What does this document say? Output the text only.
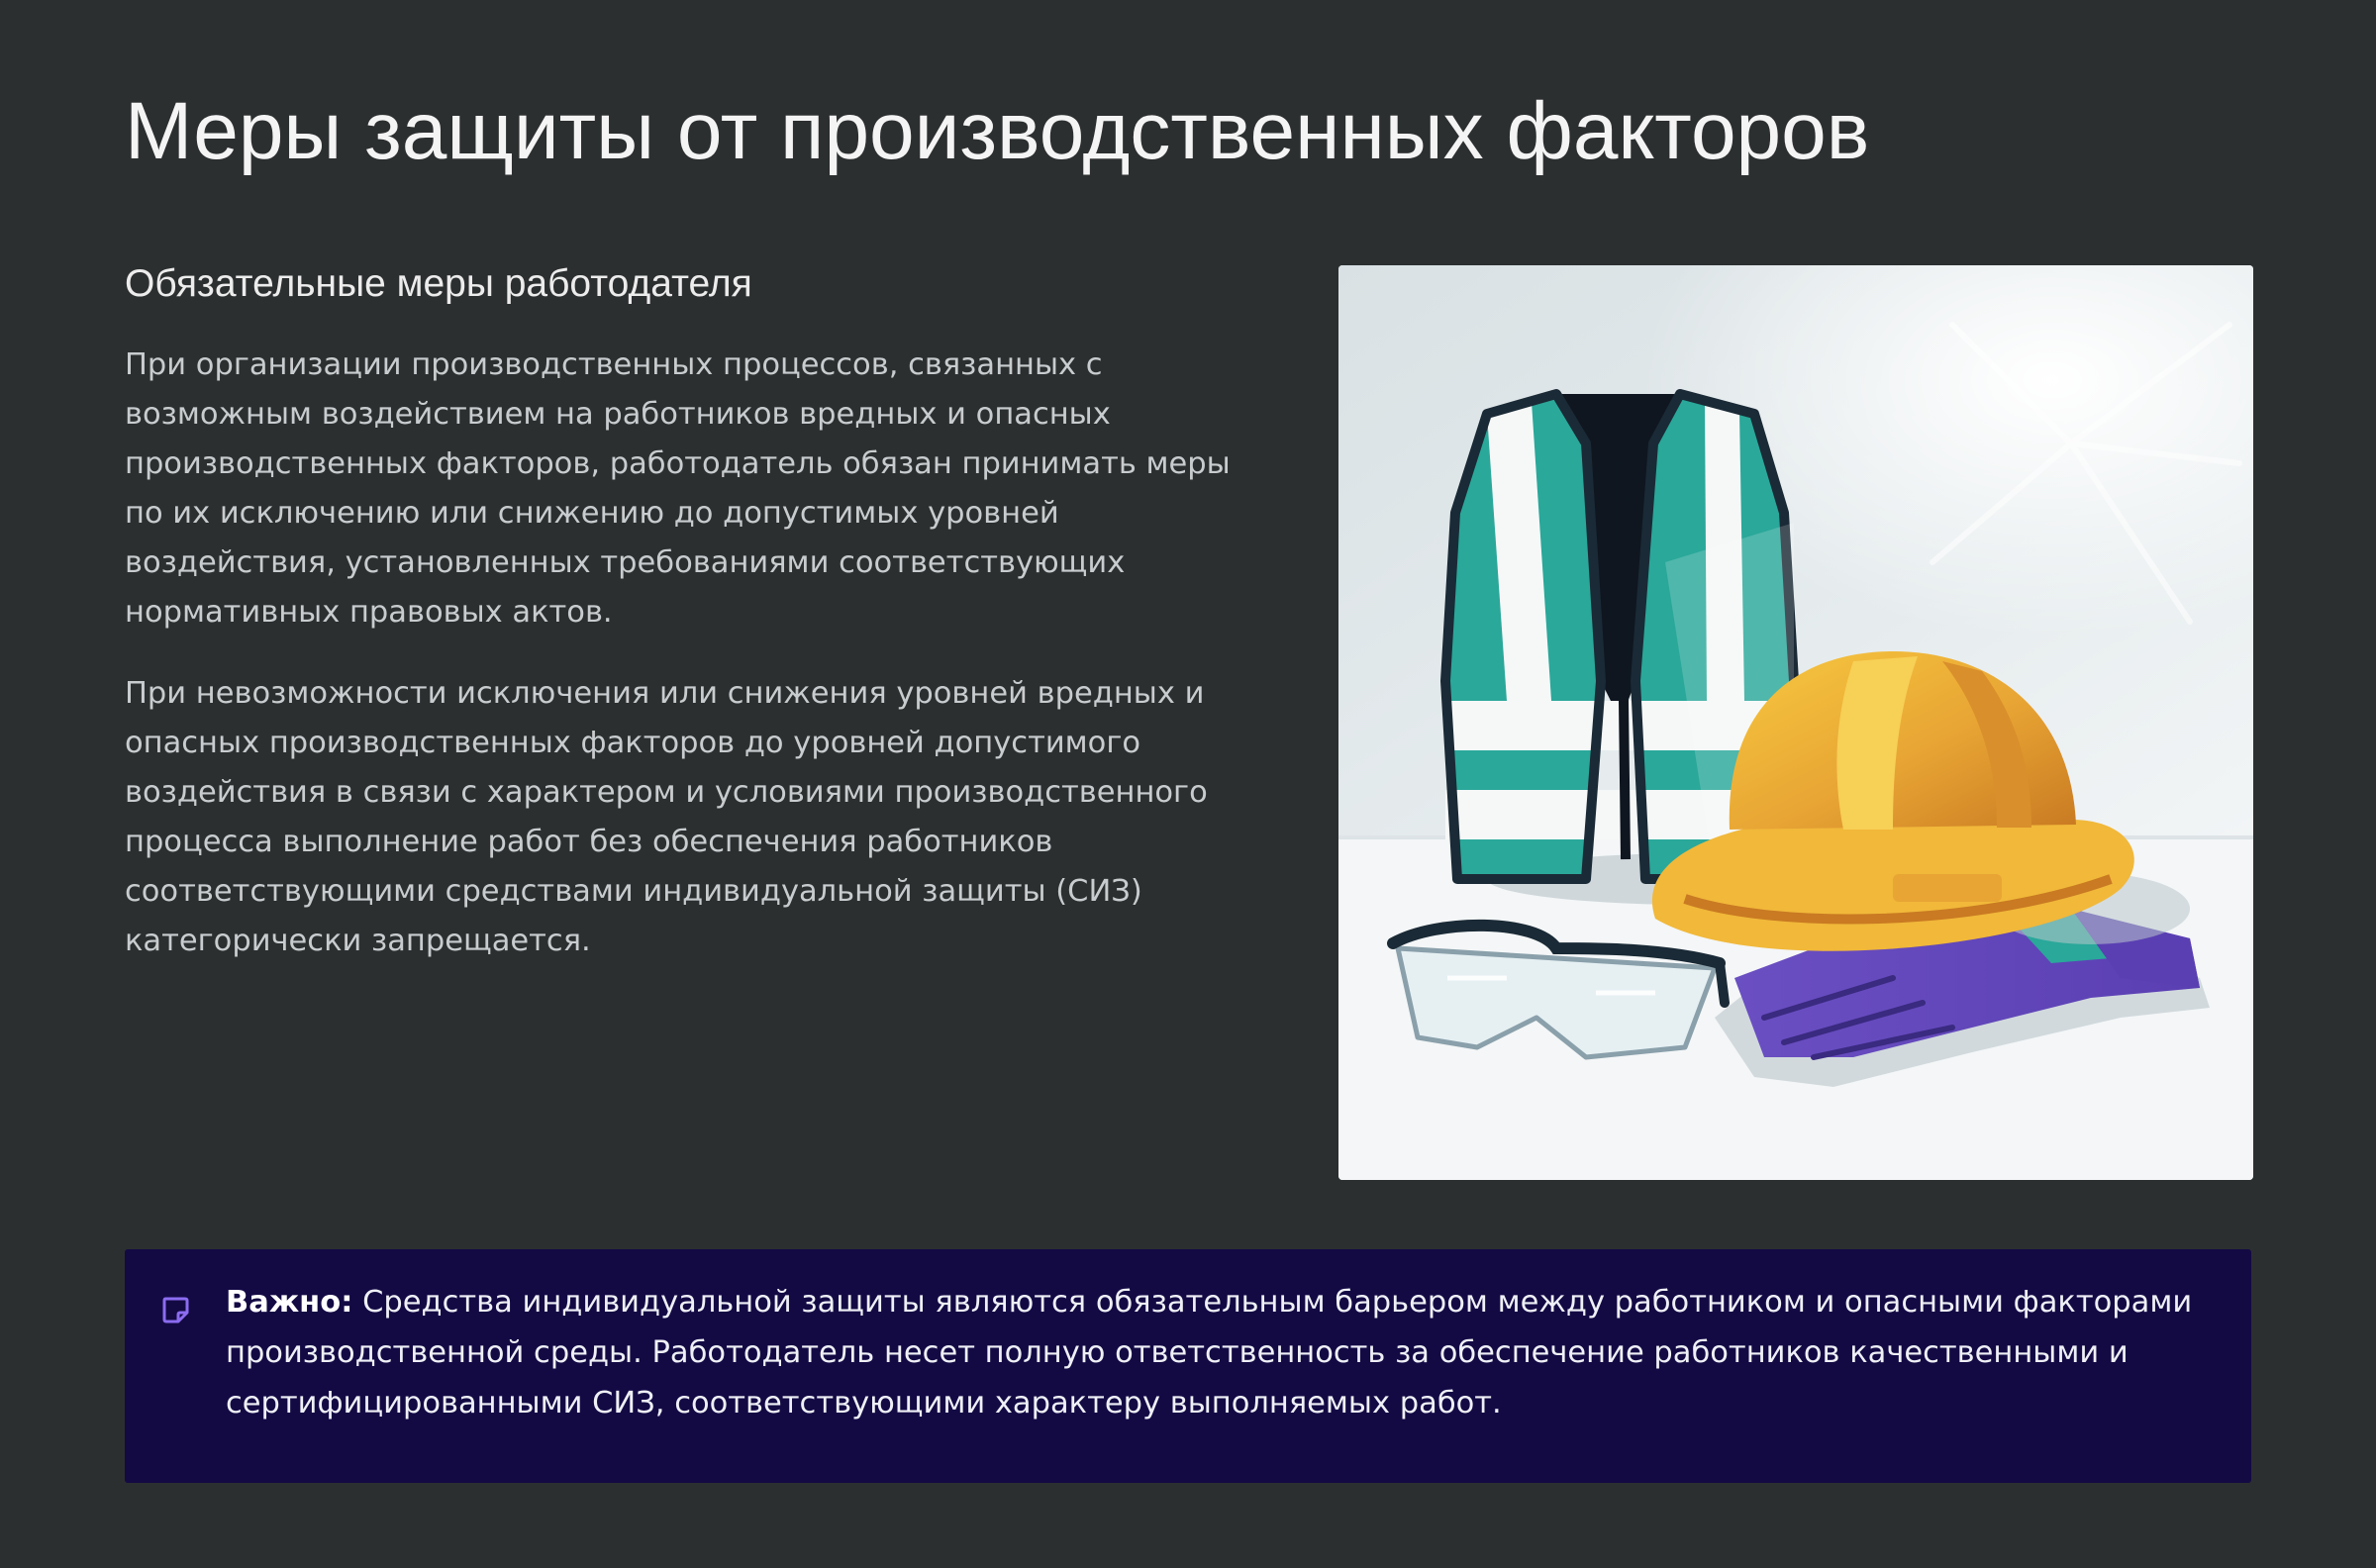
Меры защиты от производственных факторов
Обязательные меры работодателя

При организации производственных процессов, связанных с возможным воздействием на работников вредных и опасных производственных факторов, работодатель обязан принимать меры по их исключению или снижению до допустимых уровней воздействия, установленных требованиями соответствующих нормативных правовых актов.

При невозможности исключения или снижения уровней вредных и опасных производственных факторов до уровней допустимого воздействия в связи с характером и условиями производственного процесса выполнение работ без обеспечения работников соответствующими средствами индивидуальной защиты (СИЗ) категорически запрещается.

Важно: Средства индивидуальной защиты являются обязательным барьером между работником и опасными факторами производственной среды. Работодатель несет полную ответственность за обеспечение работников качественными и сертифицированными СИЗ, соответствующими характеру выполняемых работ.
